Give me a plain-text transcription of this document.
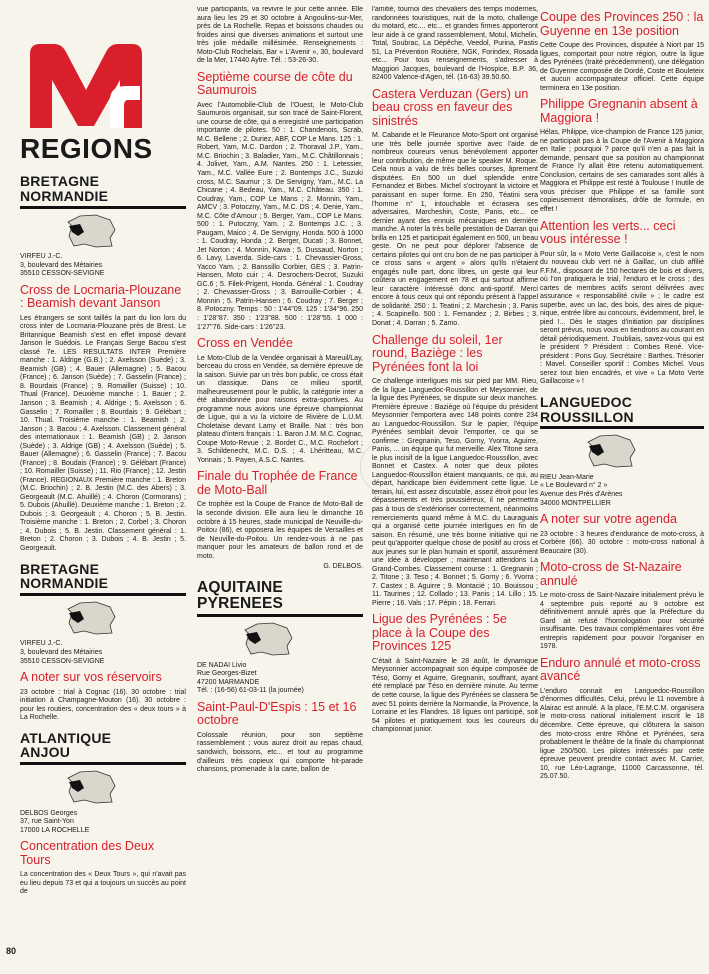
80
REGIONS
BRETAGNE
NORMANDIE
VIRFEU J.-C.
3, boulevard des Métairies
35510 CESSON-SEVIGNE
Cross de Locmaria-Plouzane : Beamish devant Janson

Les étrangers se sont taillés la part du lion lors du cross inter de Locmaria-Plouzane près de Brest. Le Britannique Beamish s'est en effet imposé devant Janson le Suédois. Le Français Serge Bacou s'est classé 7e. LES RESULTATS INTER Première manche : 1. Aldrige (G.B.) ; 2. Axelsson (Suède) ; 3. Beamish (GB) ; 4. Bauer (Allemagne) ; 5. Bacou (France) ; 6. Janson (Suède) ; 7. Gasselin (France) ; 8. Bourdais (France) ; 9. Romailler (Suisse) ; 10. Thual (France). Deuxième manche : 1. Bauer ; 2. Janson ; 3. Beamish ; 4. Aldrige ; 5. Axelsson ; 6. Gasselin ; 7. Romailler ; 8. Bourdais ; 9. Gélébart ; 10. Thual. Troisième manche : 1. Beamish ; 2. Janson ; 3. Bacou ; 4. Axelsson. Classement général des internationaux : 1. Beamish (GB) ; 2. Janson (Suède) ; 3. Aldrige (GB) ; 4. Axelsson (Suède) ; 5. Bauer (Allemagne) ; 6. Gasselin (France) ; 7. Bacou (France) ; 8. Boudais (France) ; 9. Gélébart (France) ; 10. Romailler (Suisse) ; 11. Rio (France) ; 12. Jestin (France). REGIONAUX Première manche : 1. Breton (M.C. Briochin) ; 2. B. Jestin (M.C. des Abers) ; 3. Georgeault (M.C. Ahuillé) ; 4. Choron (Cormorans) ; 5. Dubois (Ahuillé). Deuxième manche : 1. Breton ; 2. Dubois ; 3. Georgeault ; 4. Choron ; 5. B. Jestin. Troisième manche : 1. Breton ; 2. Corbel ; 3. Choron ; 4. Dubois ; 5. B. Jestin. Classement général : 1. Breton ; 2. Choron ; 3. Dubois ; 4. B. Jestin ; 5. Georgeault.

BRETAGNE
NORMANDIE
VIRFEU J.-C.
3, boulevard des Métairies
35510 CESSON-SEVIGNE
A noter sur vos réservoirs

23 octobre : trial à Cognac (16). 30 octobre : trial initiation à Champagne-Mouton (16). 30 octobre : pour les routiers, concentration des « deux tours » à La Rochelle.

ATLANTIQUE
ANJOU
DELBOS Georges
37, rue Saint-Yon
17000 LA ROCHELLE
Concentration des Deux Tours

La concentration des « Deux Tours », qui n'avait pas eu lieu depuis 73 et qui a toujours un succès au point de

vue participants, va revivre le jour cette année. Elle aura lieu les 29 et 30 octobre à Angoulins-sur-Mer, près de La Rochelle. Repas et boissons chaudes ou froides ainsi que diverses animations et surtout une très jolie médaille millésimée. Renseignements : Moto-Club Rochelais, Bar « L'Avenir », 30, boulevard de la Mer, 17440 Aytre. Tél. : 53-26-30.

Septième course de côte du Saumurois

Avec l'Automobile-Club de l'Ouest, le Moto-Club Saumurois organisait, sur son tracé de Saint-Florent, une course de côte, qui a enregistré une participation importante de pilotes. 50 : 1. Chandenois, Scrab, M.C. Bellene ; 2. Duriez, ABF, COP Le Mans. 125 : 1. Robert, Yam, M.C. Dardon ; 2. Thoraval J.P., Yam., M.C. Briochin ; 3. Baladier, Yam., M.C. Châtillonnais ; 4. Jolivet, Yam., A.M. Nantes. 250 : 1. Letessier, Yam., M.C. Vallée Eure ; 2. Bontemps J.C., Suzuki cross, M.C. Saumur ; 3. De Servigny, Yam., M.C. La Chicane ; 4. Bedeau, Yam., M.C. Château. 350 : 1. Coudray, Yam., COP Le Mans ; 2. Monnin, Yam., AMCV ; 3. Potoczny, Yam., M.C. DS ; 4. Denie, Yam., M.C. Côte d'Amour ; 5. Berger, Yam., COP Le Mans. 500 : 1. Putoczny, Yam. ; 2. Bontemps J.C. ; 3. Paugam, Maico ; 4. De Servigny, Honda. 500 à 1000 : 1. Coudray, Honda ; 2. Berger, Ducati ; 3. Bonnet, Jet Norton ; 4. Monnin, Kawa ; 5. Dussaud, Norton ; 6. Lavy, Laverda. Side-cars : 1. Chevassier-Gross, Yacco Yam. ; 2. Banssillo Corbier, GES ; 3. Patrin-Hansen, Moto cuir ; 4. Desrochers-Decrot, Suzuki GC.6 ; 5. Filek-Prigent, Honda. Général : 1. Coudray ; 2. Chevassier-Gross ; 3. Barrouille-Corbier ; 4. Monnin ; 5. Patrin-Hansen ; 6. Coudray ; 7. Berger ; 8. Potoczny. Temps : 50 : 1'44''09. 125 : 1'34''96. 250 : 1'28''87. 350 : 1'23''88. 500 : 1'28''55. 1 000 : 1'27''76. Side-cars : 1'26''23.

Cross en Vendée

Le Moto-Club de la Vendée organisait à Mareuil/Lay, berceau du cross en Vendée, sa dernière épreuve de la saison. Suivie par un très bon public, ce cross était un classique. Dans ce milieu sportif, malheureusement pour le public, la catégorie inter a été abandonnée pour raisons extra-sportives. Au programme nous avions une épreuve championnat de Ligue, qui a vu la victoire de Rivière de L.U.M. Choletaise devant Lamy et Braille. Nat : très bon plateau d'inters français : 1. Baron J.M. M.C. Cognac, Coupe Moto-Revue ; 2. Bordet C., M.C. Rochefort ; 3. Schildenecht, M.C. D.S. ; 4. Lhéritteau, M.C. Yonnais ; 5. Payen, A.S.C. Nantes.

Finale du Trophée de France de Moto-Ball

Ce trophée est la Coupe de France de Moto-Ball de la seconde division. Elle aura lieu le dimanche 16 octobre à 15 heures, stade municipal de Neuville-du-Poitou (86), et opposera les équipes de Versailles et de Neuville-du-Poitou. Un rendez-vous à ne pas manquer pour les amateurs de ballon rond et de moto.

G. DELBOS.

AQUITAINE
PYRENEES
DE NADAI Livio
Rue Georges-Bizet
47200 MARMANDE
Tél. : (16-56) 61-03-11 (la journée)
Saint-Paul-D'Espis : 15 et 16 octobre

Colossale réunion, pour son septième rassemblement ; vous aurez droit au repas chaud, sandwich, boissons, etc... et tout au programme d'ailleurs très copieux qui comporte hit-parade chansons, promenade à la carte, ballon de

l'amitié, tournoi des chevaliers des temps modernes, randonnées touristiques, nuit de la moto, challenge du motard, etc.... etc... et grandes firmes apporteront leur aide à ce grand rassemblement, Motul, Michelin, Total, Soubrac, La Dépêche, Veedol, Purina, Pastis 51, La Prévention Routière, NGK, Forindex, Rosada etc... Pour tous renseignements, s'adresser à Maggiori Jacques, boulevard de l'Hospice, B.P. 36, 82400 Valence-d'Agen, tél. (16-63) 39.50.60.

Castera Verduzan (Gers) un beau cross en faveur des sinistrés

M. Cabande et le Fleurance Moto-Sport ont organisé une très belle journée sportive avec l'aide de nombreux coureurs venus bénévolement apporter leur contribution, de même que le speaker M. Roque. Cela nous a valu de très belles courses, âprement disputées. En 500 un duel splendide entre Fernandez et Birbes. Michel s'octroyant la victoire et paraissant en super forme. En 250, Téatini sera l'homme n° 1, intouchable et écrasera ses adversaires, Marcheshin, Coste, Panis, etc... ce dernier ayant des ennuis mécaniques en dernière manche. A noter la très belle prestation de Darran qui brilla en 125 et participait également en 500, un beau geste. On ne peut pour déplorer l'absence de certains pilotes qui ont cru bon de ne pas participer à ce cross sans « argent » alors qu'ils n'étaient engagés nulle part, donc libres, un geste qui leur coûtera un engagement en 78 et qui surtout affirme leur caractère intéressé donc anti-sportif. Merci encore à tous ceux qui ont répondu présent à l'appel de solidarité. 250 : 1. Teatini ; 2. Marchesin ; 3. Panis ; 4. Scapinello. 500 : 1. Fernandez ; 2. Birbes ; 3. Donat ; 4. Darran ; 5. Zamo.

Challenge du soleil, 1er round, Baziège : les Pyrénées font la loi

Ce challenge interligues mis sur pied par MM. Rieu, de la ligue Languedoc-Roussillon et Meysonnier, de la ligue des Pyrénées, se dispute sur deux manches. Première épreuve : Baziège où l'équipe du président Meysonnier l'emportera avec 148 points contre 234 au Languedoc-Roussillon. Sur le papier, l'équipe Pyrénées semblait devoir l'emporter, ce qui se confirme : Gregnanin, Teso, Gorny, Yvorra, Aguirre, Panis, ... un équipe qui fut merveille. Alex Titone sera le plus incisif de la ligue Languedoc-Roussillon, avec Bonnet et Castex. A noter que deux pilotes Languedoc-Roussillon étaient manquants, ce qui, au départ, handicape bien évidemment cette ligue. Le terrain, lui, est assez discutable, assez étroit pour les dépassements et très poussiéreux, il ne permettra pas à tous de s'extérioriser correctement, néanmoins remerciements quand même à M.C. du Lauraguais qui a organisé cette journée interligues en fin de saison. En résumé, une très bonne initiative qui ne peut qu'apporter quelque chose de positif au cross et aux jeunes sur le plan humain et sportif, assurément une idée à développer ; maintenant attendons La Grand-Combes. Classement course : 1. Gregnanin ; 2. Titone ; 3. Teso ; 4. Bonnet ; 5. Gorny ; 6. Yvorra ; 7. Castex ; 8. Aguirre ; 9. Montacié ; 10. Bouissou ; 11. Taurines ; 12. Collado ; 13. Panis ; 14. Lillo ; 15. Pierre ; 16. Vals ; 17. Pépin ; 18. Ferrari.

Ligue des Pyrénées : 5e place à la Coupe des Provinces 125

C'était à Saint-Nazaire le 28 août, le dynamique Meysonnier accompagnait son équipe composée de Téso, Gorny et Aguirre, Gregnanin, souffrant, ayant été remplacé par Téso en dernière minute. Au terme de cette course, la ligue des Pyrénées se classera 5e avec 51 points derrière la Normandie, la Provence, la Lorraine et les Flandres. 18 ligues ont participé, soit 54 pilotes et pratiquement tous les coureurs du championnat junior.

Coupe des Provinces 250 : la Guyenne en 13e position

Cette Coupe des Provinces, disputée à Niort par 15 ligues, comportait pour notre région, outre la ligue des Pyrénées (traité précédemment), une délégation de Guyenne composée de Dordé, Coste et Bouleteix et aucun accompagnateur officiel. Cette équipe terminera en 13e position.

Philippe Gregnanin absent à Maggiora !

Hélas, Philippe, vice-champion de France 125 junior, ne participait pas à la Coupe de l'Avenir à Maggiora en Italie ; pourquoi ? parce qu'il n'en a pas fait la demande, pensant que sa position au championnat de France l'y allait être retenu automatiquement. Conclusion, certains de ses camarades sont allés à Maggiora et Philippe est resté à Toulouse ! Inutile de vous préciser que Philippe et sa famille sont copieusement démoralisés, drôle de formule, en effet !

Attention les verts... ceci vous intéresse !

Pour sûr, la « Moto Verte Gaillacoise », c'est le nom du nouveau club vert né à Gaillac, un club affilié F.F.M., disposant de 150 hectares de bois et divers, où l'on pratiquera le trial, l'enduro et le cross ; des cartes de membres actifs seront délivrées avec assurance « responsabilité civile » ; le cadre est superbe, avec un lac, des bois, des aires de pique-nique, entrée libre au concours, évidemment, bref, le pied !... Dès le stages d'initiation par disciplines seront prévus, nous vous en tiendrons au courant en détail périodiquement. J'oubliais, savez-vous qui est le président ? Président : Combes René. Vice-président : Pons Guy. Secrétaire : Barthes. Trésorier : Mavel. Conseiller sportif : Combes Michel. Vous serez tout bien encadrés, et vive « La Moto Verte Gaillacoise » !

LANGUEDOC
ROUSSILLON
RIEU Jean-Marie
« Le Boulevard n° 2 »
Avenue des Prés d'Arènes
34000 MONTPELLIER
A noter sur votre agenda

23 octobre : 3 heures d'endurance de moto-cross, à Corbère (66). 30 octobre : moto-cross national à Beaucaire (30).

Moto-cross de St-Nazaire annulé

Le moto-cross de Saint-Nazaire initialement prévu le 4 septembre puis reporté au 9 octobre est définitivement annulé après que la Préfecture du Gard ait refusé l'homologation pour sécurité insuffisante. Des travaux complémentaires vont être entrepris rapidement pour pouvoir l'organiser en 1978.

Enduro annulé et moto-cross avancé

L'enduro connait en Languedoc-Roussillon d'énormes difficultés, Celui, prévu le 11 novembre à Alairac est annulé. A la place, l'E.M.C.M. organisera le moto-cross national initialement inscrit le 18 décembre. Cette épreuve, qui clôturera la saison des moto-cross entre Rhône et Pyrénées, sera probablement le théâtre de la finale du championnat ligue 250/500. Les pilotes intéressés par cette épreuve peuvent prendre contact avec M. Carrier, 10, rue Léo-Lagrange, 11000 Carcassonne, tél. 25.07.50.
